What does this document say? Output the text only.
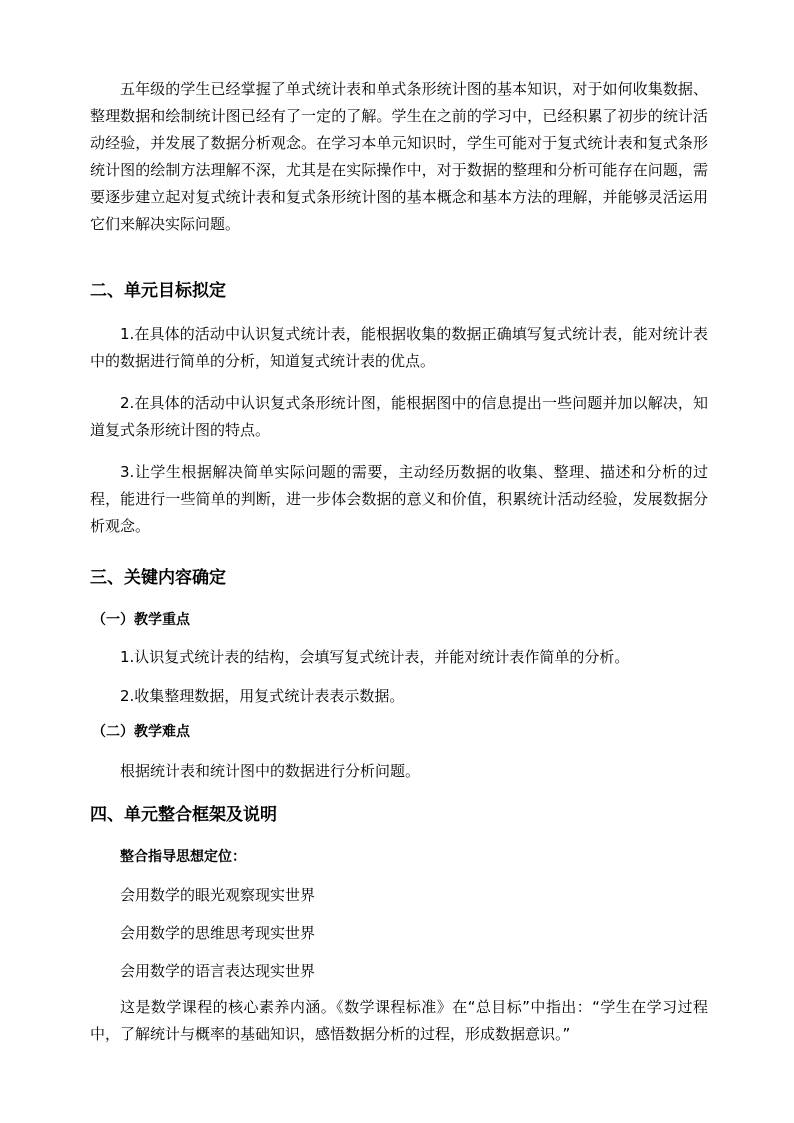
五年级的学生已经掌握了单式统计表和单式条形统计图的基本知识，对于如何收集数据、整理数据和绘制统计图已经有了一定的了解。学生在之前的学习中，已经积累了初步的统计活动经验，并发展了数据分析观念。在学习本单元知识时，学生可能对于复式统计表和复式条形统计图的绘制方法理解不深，尤其是在实际操作中，对于数据的整理和分析可能存在问题，需要逐步建立起对复式统计表和复式条形统计图的基本概念和基本方法的理解，并能够灵活运用它们来解决实际问题。

二、单元目标拟定

1.在具体的活动中认识复式统计表，能根据收集的数据正确填写复式统计表，能对统计表中的数据进行简单的分析，知道复式统计表的优点。

2.在具体的活动中认识复式条形统计图，能根据图中的信息提出一些问题并加以解决，知道复式条形统计图的特点。

3.让学生根据解决简单实际问题的需要，主动经历数据的收集、整理、描述和分析的过程，能进行一些简单的判断，进一步体会数据的意义和价值，积累统计活动经验，发展数据分析观念。

三、关键内容确定
（一）教学重点

1.认识复式统计表的结构，会填写复式统计表，并能对统计表作简单的分析。

2.收集整理数据，用复式统计表表示数据。

（二）教学难点

根据统计表和统计图中的数据进行分析问题。

四、单元整合框架及说明

整合指导思想定位：

会用数学的眼光观察现实世界

会用数学的思维思考现实世界

会用数学的语言表达现实世界

这是数学课程的核心素养内涵。《数学课程标准》在“总目标”中指出：“学生在学习过程中，了解统计与概率的基础知识，感悟数据分析的过程，形成数据意识。”
